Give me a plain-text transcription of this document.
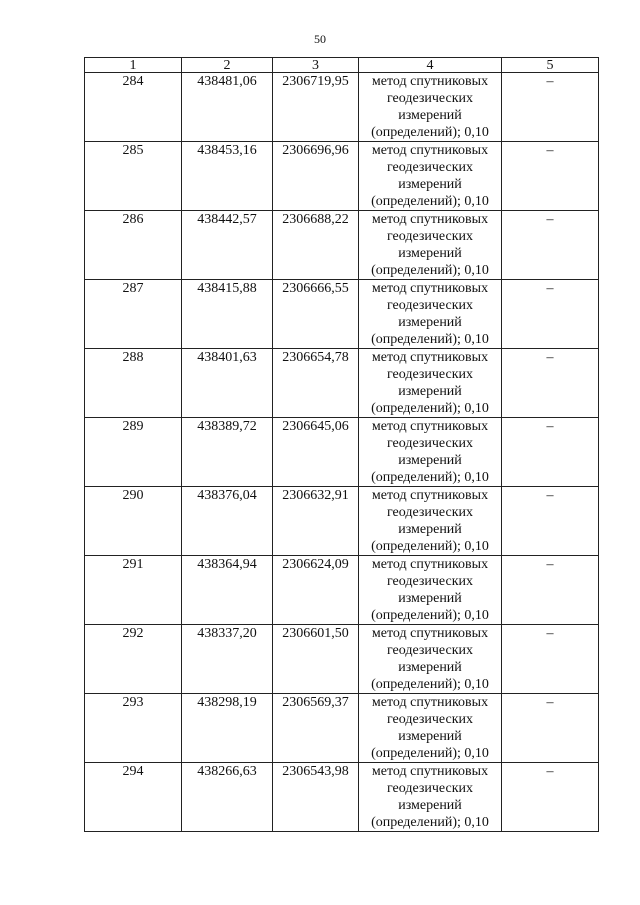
50
1	2	3	4	5
284	438481,06	2306719,95	метод спутниковых
геодезических
измерений
(определений); 0,10	–
285	438453,16	2306696,96	метод спутниковых
геодезических
измерений
(определений); 0,10	–
286	438442,57	2306688,22	метод спутниковых
геодезических
измерений
(определений); 0,10	–
287	438415,88	2306666,55	метод спутниковых
геодезических
измерений
(определений); 0,10	–
288	438401,63	2306654,78	метод спутниковых
геодезических
измерений
(определений); 0,10	–
289	438389,72	2306645,06	метод спутниковых
геодезических
измерений
(определений); 0,10	–
290	438376,04	2306632,91	метод спутниковых
геодезических
измерений
(определений); 0,10	–
291	438364,94	2306624,09	метод спутниковых
геодезических
измерений
(определений); 0,10	–
292	438337,20	2306601,50	метод спутниковых
геодезических
измерений
(определений); 0,10	–
293	438298,19	2306569,37	метод спутниковых
геодезических
измерений
(определений); 0,10	–
294	438266,63	2306543,98	метод спутниковых
геодезических
измерений
(определений); 0,10	–
